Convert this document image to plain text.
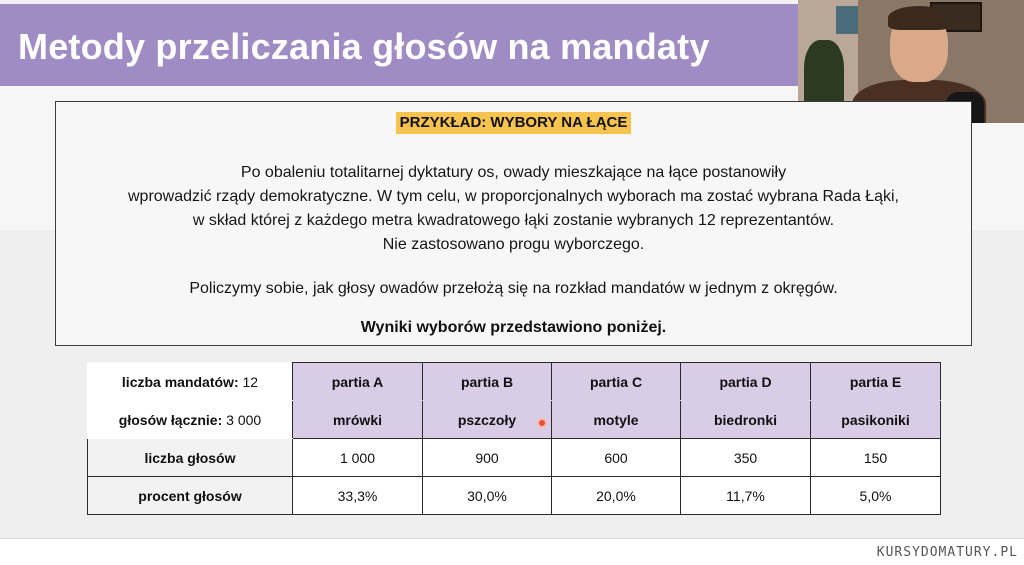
Metody przeliczania głosów na mandaty
PRZYKŁAD: WYBORY NA ŁĄCE
Po obaleniu totalitarnej dyktatury os, owady mieszkające na łące postanowiły
wprowadzić rządy demokratyczne. W tym celu, w proporcjonalnych wyborach ma zostać wybrana Rada Łąki,
w skład której z każdego metra kwadratowego łąki zostanie wybranych 12 reprezentantów.
Nie zastosowano progu wyborczego.
Policzymy sobie, jak głosy owadów przełożą się na rozkład mandatów w jednym z okręgów.
Wyniki wyborów przedstawiono poniżej.
liczba mandatów: 12	partia A	partia B	partia C	partia D	partia E
głosów łącznie: 3 000	mrówki	pszczoły	motyle	biedronki	pasikoniki
liczba głosów	1 000	900	600	350	150
procent głosów	33,3%	30,0%	20,0%	11,7%	5,0%
KURSYDOMATURY.PL
